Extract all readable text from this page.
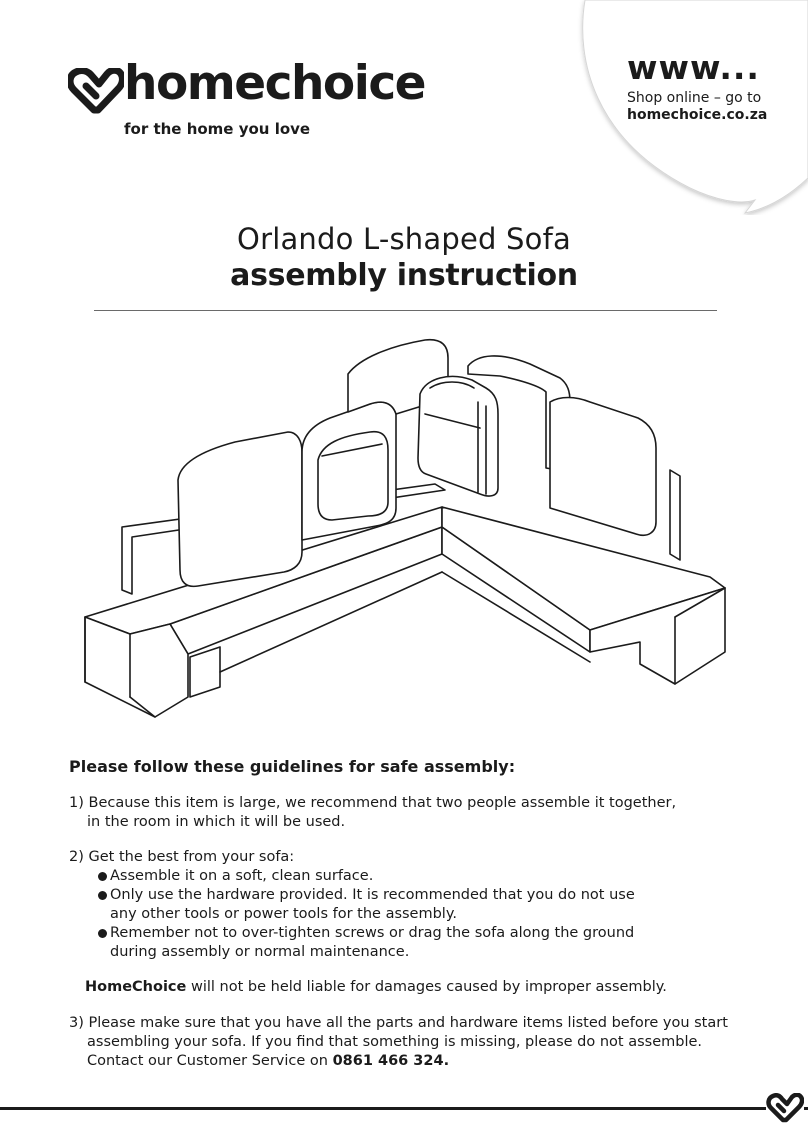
homechoice
for the home you love
www...
Shop online – go to
homechoice.co.za
Orlando L-shaped Sofa
assembly instruction
Please follow these guidelines for safe assembly:
1) Because this item is large, we recommend that two people assemble it together,
in the room in which it will be used.
2) Get the best from your sofa:
Assemble it on a soft, clean surface.
Only use the hardware provided. It is recommended that you do not use
any other tools or power tools for the assembly.
Remember not to over-tighten screws or drag the sofa along the ground
during assembly or normal maintenance.
HomeChoice will not be held liable for damages caused by improper assembly.
3) Please make sure that you have all the parts and hardware items listed before you start
assembling your sofa. If you find that something is missing, please do not assemble.
Contact our Customer Service on 0861 466 324.
